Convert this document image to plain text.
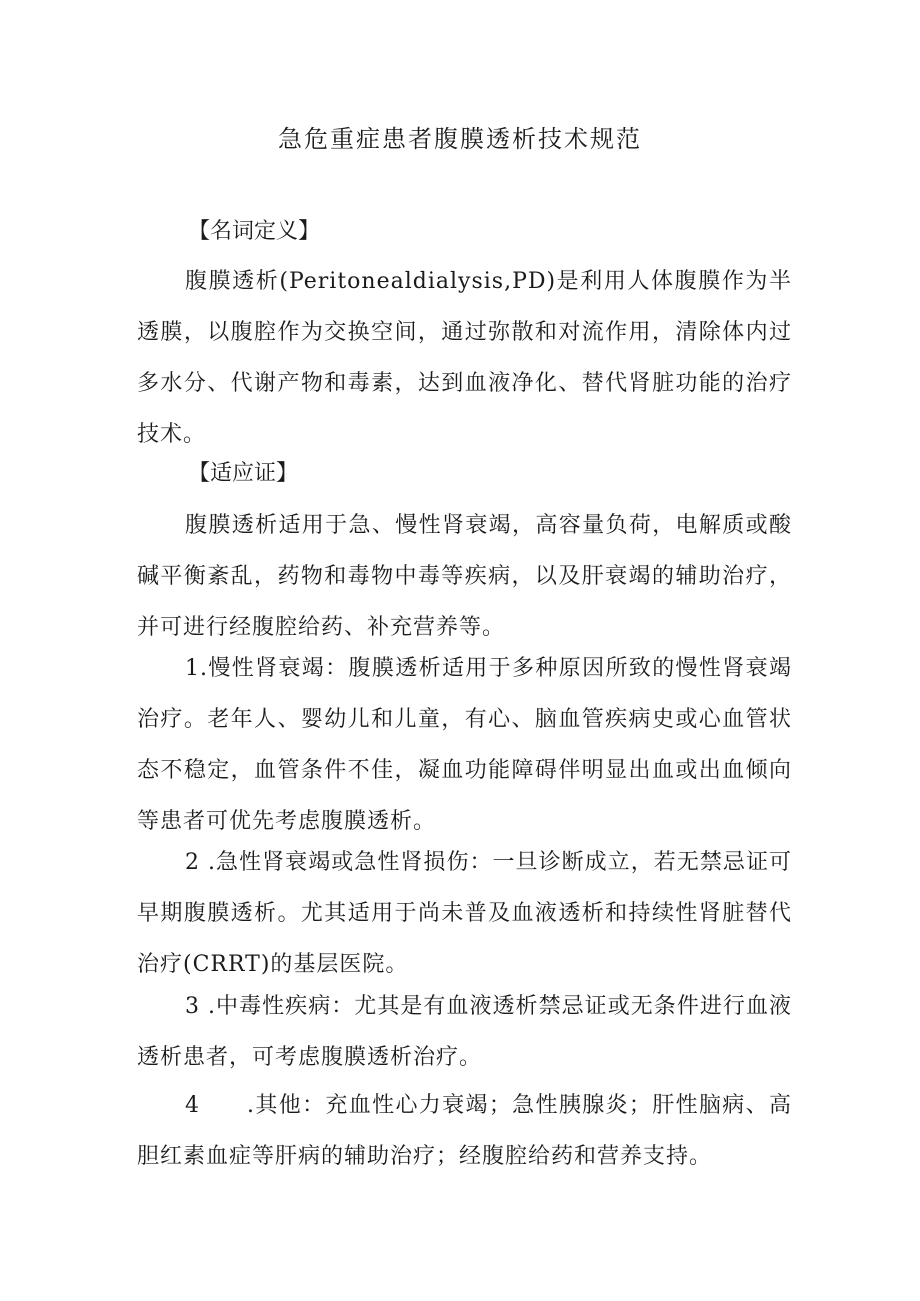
急危重症患者腹膜透析技术规范
【名词定义】

腹膜透析(Peritonealdialysis,PD)是利用人体腹膜作为半透膜，以腹腔作为交换空间，通过弥散和对流作用，清除体内过多水分、代谢产物和毒素，达到血液净化、替代肾脏功能的治疗技术。

【适应证】

腹膜透析适用于急、慢性肾衰竭，高容量负荷，电解质或酸碱平衡紊乱，药物和毒物中毒等疾病，以及肝衰竭的辅助治疗，并可进行经腹腔给药、补充营养等。

1.慢性肾衰竭：腹膜透析适用于多种原因所致的慢性肾衰竭治疗。老年人、婴幼儿和儿童，有心、脑血管疾病史或心血管状态不稳定，血管条件不佳，凝血功能障碍伴明显出血或出血倾向等患者可优先考虑腹膜透析。

2 .急性肾衰竭或急性肾损伤：一旦诊断成立，若无禁忌证可早期腹膜透析。尤其适用于尚未普及血液透析和持续性肾脏替代治疗(CRRT)的基层医院。

3 .中毒性疾病：尤其是有血液透析禁忌证或无条件进行血液透析患者，可考虑腹膜透析治疗。

4　　.其他：充血性心力衰竭；急性胰腺炎；肝性脑病、高胆红素血症等肝病的辅助治疗；经腹腔给药和营养支持。
